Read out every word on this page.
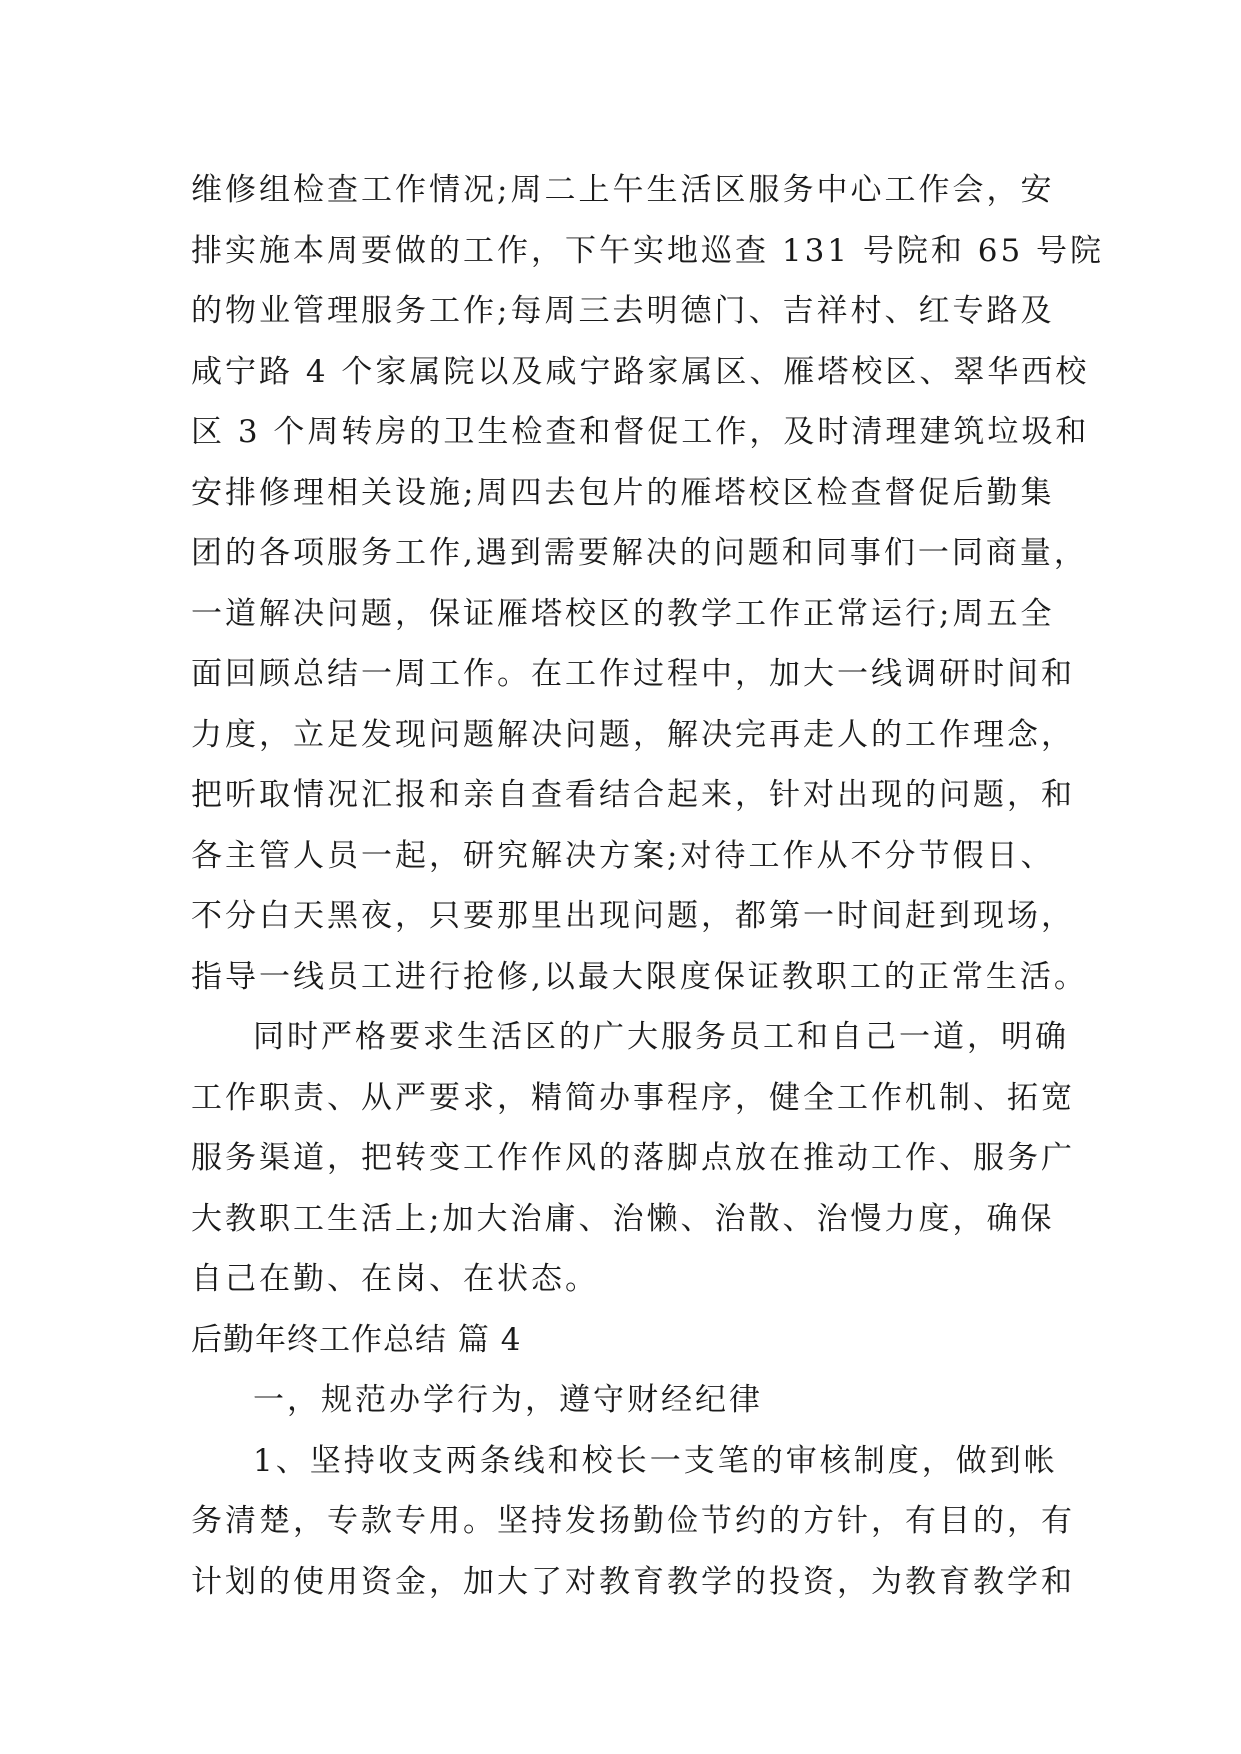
维修组检查工作情况;周二上午生活区服务中心工作会，安

排实施本周要做的工作，下午实地巡查 131 号院和 65 号院

的物业管理服务工作;每周三去明德门、吉祥村、红专路及

咸宁路 4 个家属院以及咸宁路家属区、雁塔校区、翠华西校

区 3 个周转房的卫生检查和督促工作，及时清理建筑垃圾和

安排修理相关设施;周四去包片的雁塔校区检查督促后勤集

团的各项服务工作,遇到需要解决的问题和同事们一同商量，

一道解决问题，保证雁塔校区的教学工作正常运行;周五全

面回顾总结一周工作。在工作过程中，加大一线调研时间和

力度，立足发现问题解决问题，解决完再走人的工作理念，

把听取情况汇报和亲自查看结合起来，针对出现的问题，和

各主管人员一起，研究解决方案;对待工作从不分节假日、

不分白天黑夜，只要那里出现问题，都第一时间赶到现场，

指导一线员工进行抢修,以最大限度保证教职工的正常生活。

同时严格要求生活区的广大服务员工和自己一道，明确

工作职责、从严要求，精简办事程序，健全工作机制、拓宽

服务渠道，把转变工作作风的落脚点放在推动工作、服务广

大教职工生活上;加大治庸、治懒、治散、治慢力度，确保

自己在勤、在岗、在状态。

后勤年终工作总结 篇 4

一，规范办学行为，遵守财经纪律

1、坚持收支两条线和校长一支笔的审核制度，做到帐

务清楚，专款专用。坚持发扬勤俭节约的方针，有目的，有

计划的使用资金，加大了对教育教学的投资，为教育教学和
